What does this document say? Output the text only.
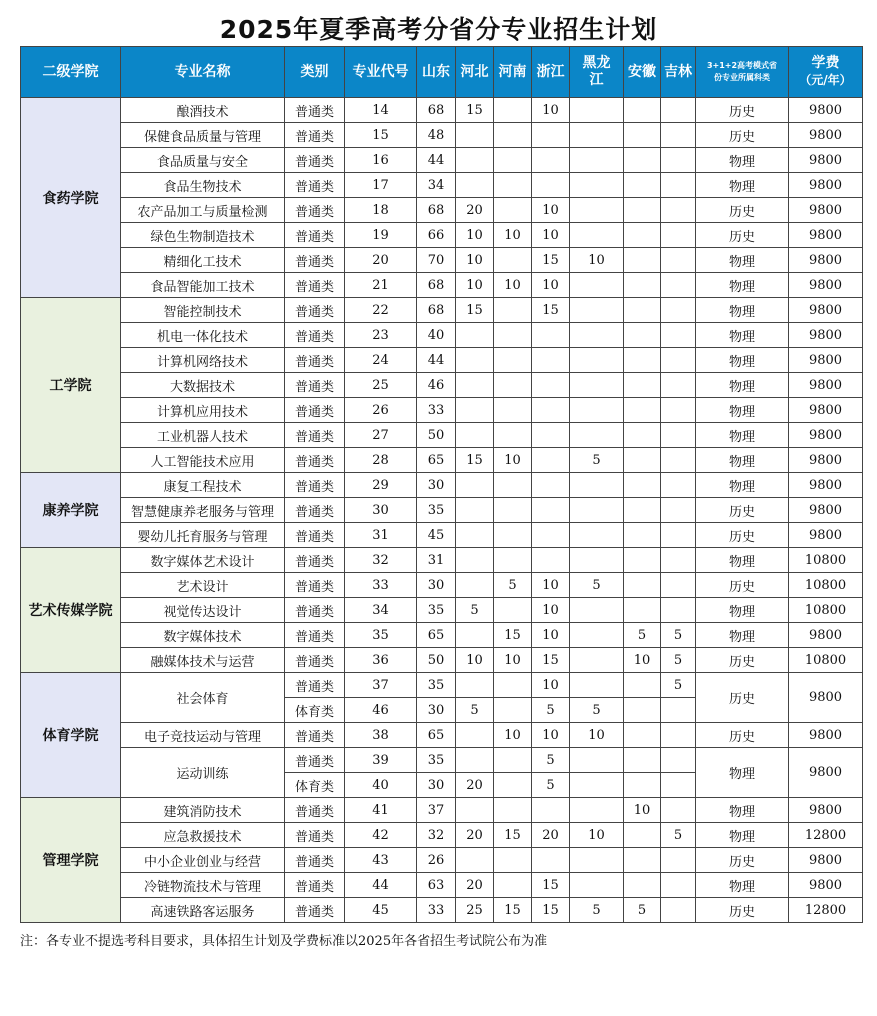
2025年夏季高考分省分专业招生计划
二级学院	专业名称	类别	专业代号	山东	河北	河南	浙江	黑龙
江	安徽	吉林	3+1+2高考模式省
份专业所属科类	学费
（元/年）
食药学院	酿酒技术	普通类	14	68	15		10				历史	9800
	保健食品质量与管理	普通类	15	48							历史	9800
	食品质量与安全	普通类	16	44							物理	9800
	食品生物技术	普通类	17	34							物理	9800
	农产品加工与质量检测	普通类	18	68	20		10				历史	9800
	绿色生物制造技术	普通类	19	66	10	10	10				历史	9800
	精细化工技术	普通类	20	70	10		15	10			物理	9800
	食品智能加工技术	普通类	21	68	10	10	10				物理	9800
工学院	智能控制技术	普通类	22	68	15		15				物理	9800
	机电一体化技术	普通类	23	40							物理	9800
	计算机网络技术	普通类	24	44							物理	9800
	大数据技术	普通类	25	46							物理	9800
	计算机应用技术	普通类	26	33							物理	9800
	工业机器人技术	普通类	27	50							物理	9800
	人工智能技术应用	普通类	28	65	15	10		5			物理	9800
康养学院	康复工程技术	普通类	29	30							物理	9800
	智慧健康养老服务与管理	普通类	30	35							历史	9800
	婴幼儿托育服务与管理	普通类	31	45							历史	9800
艺术传媒学院	数字媒体艺术设计	普通类	32	31							物理	10800
	艺术设计	普通类	33	30		5	10	5			历史	10800
	视觉传达设计	普通类	34	35	5		10				物理	10800
	数字媒体技术	普通类	35	65		15	10		5	5	物理	9800
	融媒体技术与运营	普通类	36	50	10	10	15		10	5	历史	10800
体育学院	社会体育	普通类	37	35			10			5	历史	9800
		体育类	46	30	5		5	5				
	电子竞技运动与管理	普通类	38	65		10	10	10			历史	9800
	运动训练	普通类	39	35			5				物理	9800
		体育类	40	30	20		5					
管理学院	建筑消防技术	普通类	41	37					10		物理	9800
	应急救援技术	普通类	42	32	20	15	20	10		5	物理	12800
	中小企业创业与经营	普通类	43	26							历史	9800
	冷链物流技术与管理	普通类	44	63	20		15				物理	9800
	高速铁路客运服务	普通类	45	33	25	15	15	5	5		历史	12800
注：各专业不提选考科目要求，具体招生计划及学费标准以2025年各省招生考试院公布为准
